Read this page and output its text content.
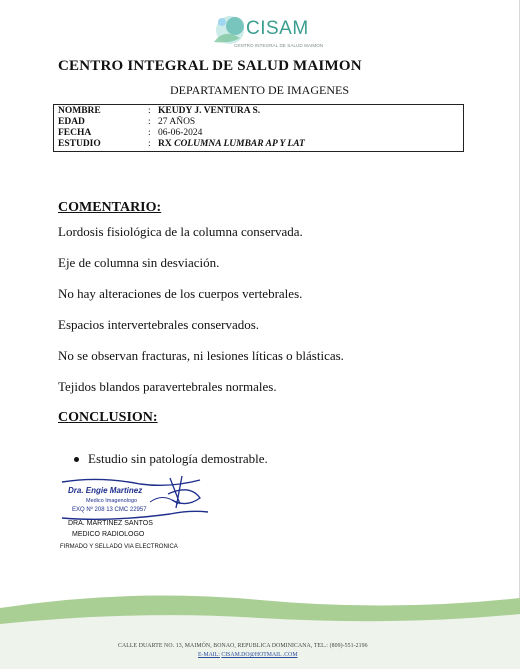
CISAM
CENTRO INTEGRAL DE SALUD MAIMON
CENTRO INTEGRAL DE SALUD MAIMON
DEPARTAMENTO DE IMAGENES
NOMBRE	: KEUDY J. VENTURA S.
EDAD	: 27 AÑOS
FECHA	: 06-06-2024
ESTUDIO	: RX COLUMNA LUMBAR AP Y LAT
COMENTARIO:
Lordosis fisiológica de la columna conservada.
Eje de columna sin desviación.
No hay alteraciones de los cuerpos vertebrales.
Espacios intervertebrales conservados.
No se observan fracturas, ni lesiones líticas o blásticas.
Tejidos blandos paravertebrales normales.
CONCLUSION:
Estudio sin patología demostrable.
Dra. Engie Martinez
Medico Imagenologo
EXQ Nº 208 13 CMC 22957
DRA. MARTINEZ SANTOS
MEDICO RADIOLOGO
FIRMADO Y SELLADO VIA ELECTRONICA
CALLE DUARTE NO. 13, MAIMÓN, BONAO, REPUBLICA DOMINICANA, TEL.: (809)-551-2196
E-MAIL: CISAM.DO@HOTMAIL .COM
